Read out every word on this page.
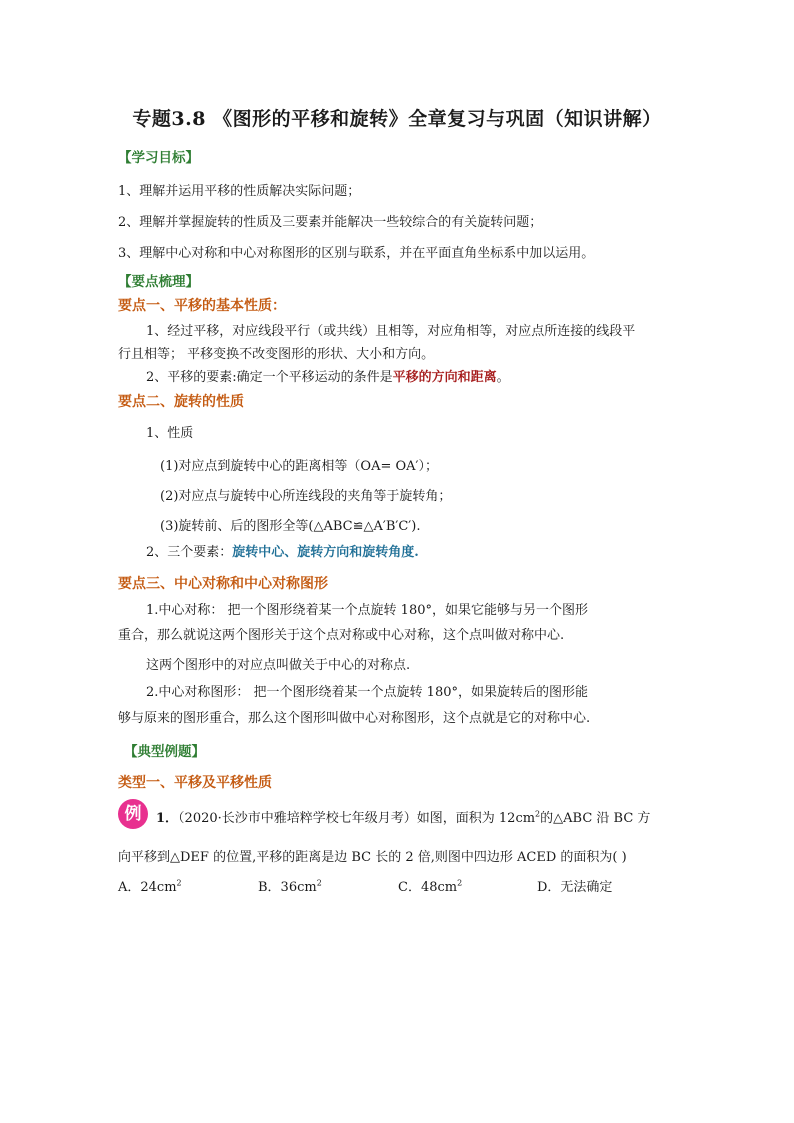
专题3.8 《图形的平移和旋转》全章复习与巩固（知识讲解）
【学习目标】
1、理解并运用平移的性质解决实际问题；
2、理解并掌握旋转的性质及三要素并能解决一些较综合的有关旋转问题；
3、理解中心对称和中心对称图形的区别与联系，并在平面直角坐标系中加以运用。
【要点梳理】
要点一、平移的基本性质：
1、经过平移，对应线段平行（或共线）且相等，对应角相等，对应点所连接的线段平
行且相等； 平移变换不改变图形的形状、大小和方向。
2、平移的要素:确定一个平移运动的条件是平移的方向和距离。
要点二、旋转的性质
1、性质
(1)对应点到旋转中心的距离相等（OA= OA′）；
(2)对应点与旋转中心所连线段的夹角等于旋转角；
(3)旋转前、后的图形全等(△ABC≌△A′B′C′).
2、三个要素：旋转中心、旋转方向和旋转角度.
要点三、中心对称和中心对称图形
1.中心对称： 把一个图形绕着某一个点旋转 180°，如果它能够与另一个图形
重合，那么就说这两个图形关于这个点对称或中心对称，这个点叫做对称中心.
这两个图形中的对应点叫做关于中心的对称点.
2.中心对称图形： 把一个图形绕着某一个点旋转 180°，如果旋转后的图形能
够与原来的图形重合，那么这个图形叫做中心对称图形，这个点就是它的对称中心.
【典型例题】
类型一、平移及平移性质
例	1．（2020·长沙市中雅培粹学校七年级月考）如图，面积为 $12cm^2$的△ABC 沿 BC 方
向平移到△DEF 的位置,平移的距离是边 BC 长的 2 倍,则图中四边形 ACED 的面积为( )
A．$24cm^2$	B．$36cm^2$	C．$48cm^2$	D．无法确定
